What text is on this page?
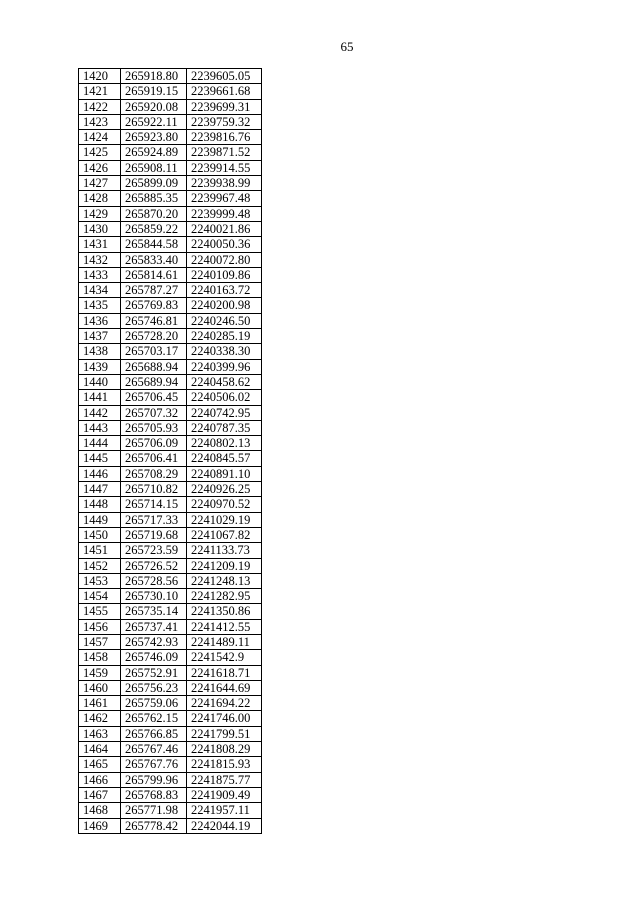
65
1420	265918.80	2239605.05
1421	265919.15	2239661.68
1422	265920.08	2239699.31
1423	265922.11	2239759.32
1424	265923.80	2239816.76
1425	265924.89	2239871.52
1426	265908.11	2239914.55
1427	265899.09	2239938.99
1428	265885.35	2239967.48
1429	265870.20	2239999.48
1430	265859.22	2240021.86
1431	265844.58	2240050.36
1432	265833.40	2240072.80
1433	265814.61	2240109.86
1434	265787.27	2240163.72
1435	265769.83	2240200.98
1436	265746.81	2240246.50
1437	265728.20	2240285.19
1438	265703.17	2240338.30
1439	265688.94	2240399.96
1440	265689.94	2240458.62
1441	265706.45	2240506.02
1442	265707.32	2240742.95
1443	265705.93	2240787.35
1444	265706.09	2240802.13
1445	265706.41	2240845.57
1446	265708.29	2240891.10
1447	265710.82	2240926.25
1448	265714.15	2240970.52
1449	265717.33	2241029.19
1450	265719.68	2241067.82
1451	265723.59	2241133.73
1452	265726.52	2241209.19
1453	265728.56	2241248.13
1454	265730.10	2241282.95
1455	265735.14	2241350.86
1456	265737.41	2241412.55
1457	265742.93	2241489.11
1458	265746.09	2241542.9
1459	265752.91	2241618.71
1460	265756.23	2241644.69
1461	265759.06	2241694.22
1462	265762.15	2241746.00
1463	265766.85	2241799.51
1464	265767.46	2241808.29
1465	265767.76	2241815.93
1466	265799.96	2241875.77
1467	265768.83	2241909.49
1468	265771.98	2241957.11
1469	265778.42	2242044.19
